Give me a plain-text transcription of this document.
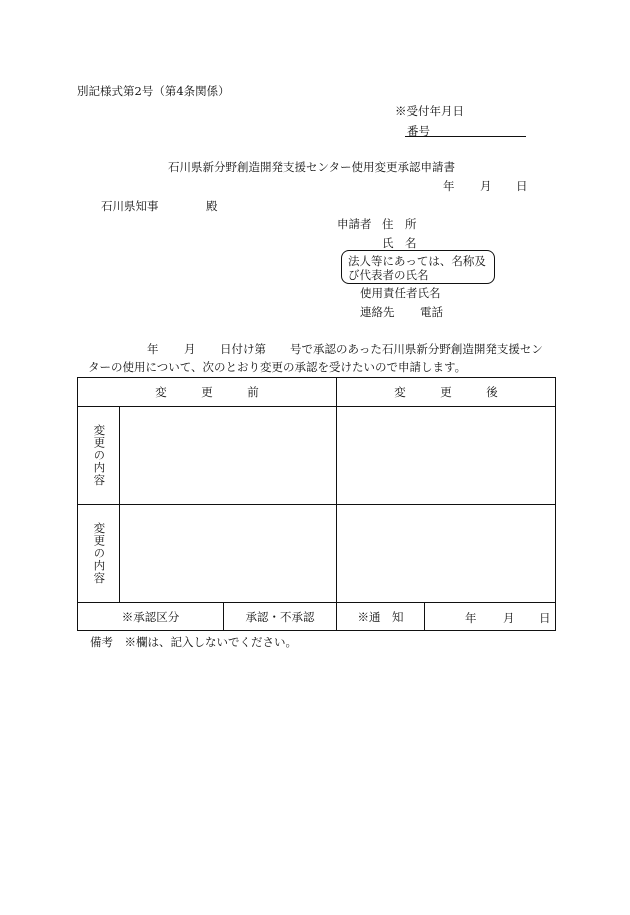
別記様式第2号（第4条関係）
※受付年月日
番号
石川県新分野創造開発支援センター使用変更承認申請書
年 月 日
石川県知事	殿
申請者 住　所
氏　名
法人等にあっては、名称及
び代表者の氏名
使用責任者氏名
連絡先 電話
年 月 日付け第 号で承認のあった石川県新分野創造開発支援セン
ターの使用について、次のとおり変更の承認を受けたいので申請します。
変　　　更　　　前			変　　　更　　　後	

変更の内容				

変更の内容				

※承認区分		承認・不承認	※通　知	年 月 日
備考　※欄は、記入しないでください。
